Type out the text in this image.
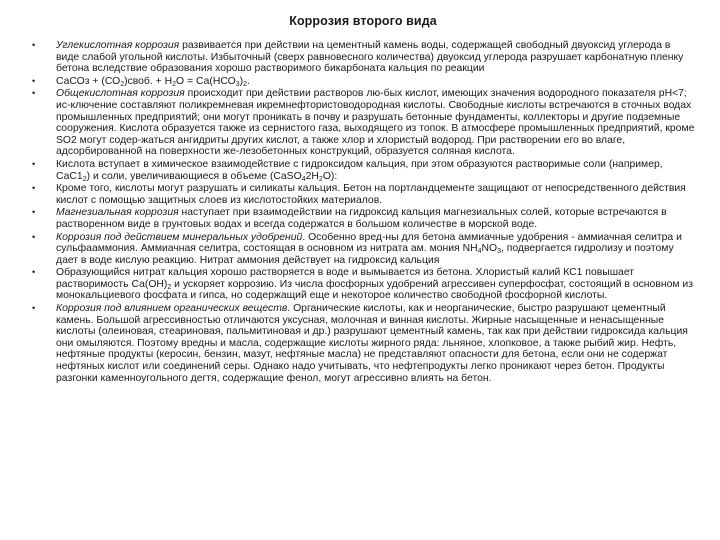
Коррозия второго вида
• Углекислотная коррозия развивается при действии на цементный камень воды, содержащей свободный двуоксид углерода в виде слабой угольной кислоты. Избыточный (сверх равновесного количества) двуоксид углерода разрушает карбонатную пленку бетона вследствие образования хорошо растворимого бикарбоната кальция по реакции
• СаСОз + $(СО_2)своб$. + $Н_2О = Са(НСО_3)_2$.
• Общекислотная коррозия происходит при действии растворов лю-бых кислот, имеющих значения водородного показателя рН<7; ис-ключение составляют поликремневая икремнефтористоводородная кислоты. Свободные кислоты встречаются в сточных водах промышленных предприятий; они могут проникать в почву и разрушать бетонные фундаменты, коллекторы и другие подземные сооружения. Кислота образуется также из сернистого газа, выходящего из топок. В атмосфере промышленных предприятий, кроме SO2 могут содер-жаться ангидриты других кислот, а также хлор и хлористый водород. При растворении его во влаге, адсорбированной на поверхности же-лезобетонных конструкций, образуется соляная кислота.
• Кислота вступает в химическое взаимодействие с гидроксидом кальция, при этом образуются растворимые соли (например, $СаС1_2$) и соли, увеличивающиеся в объеме $(CaSO_42H_2O)$:
• Кроме того, кислоты могут разрушать и силикаты кальция. Бетон на портландцементе защищают от непосредственного действия кислот с помощью защитных слоев из кислотостойких материалов.
• Магнезиальная коррозия наступает при взаимодействии на гидроксид кальция магнезиальных солей, которые встречаются в растворенном виде в грунтовых водах и всегда содержатся в большом количестве в морской воде.
• Коррозия под действием минеральных удобрений. Особенно вред-ны для бетона аммиачные удобрения - аммиачная селитра и сульфааммония. Аммиачная селитра, состоящая в основном из нитрата ам. мония $NH_4NO_3$, подвергается гидролизу и поэтому дает в воде кислую реакцию. Нитрат аммония действует на гидроксид кальция
• Образующийся нитрат кальция хорошо растворяется в воде и вымывается из бетона. Хлористый калий КС1 повышает растворимость $Са(ОН)_2$ и ускоряет коррозию. Из числа фосфорных удобрений агрессивен суперфосфат, состоящий в основном из монокальциевого фосфата и гипса, но содержащий еще и некоторое количество свободной фосфорной кислоты.
• Коррозия под влиянием органических веществ. Органические кислоты, как и неорганические, быстро разрушают цементный камень. Большой агрессивностью отличаются уксусная, молочная и винная кислоты. Жирные насыщенные и ненасыщенные кислоты (олеиновая, стеариновая, пальмитиновая и др.) разрушают цементный камень, так как при действии гидроксида кальция они омыляются. Поэтому вредны и масла, содержащие кислоты жирного ряда: льняное, хлопковое, а также рыбий жир. Нефть, нефтяные продукты (керосин, бензин, мазут, нефтяные масла) не представляют опасности для бетона, если они не содержат нефтяных кислот или соединений серы. Однако надо учитывать, что нефтепродукты легко проникают через бетон. Продукты разгонки каменноугольного дегтя, содержащие фенол, могут агрессивно влиять на бетон.
